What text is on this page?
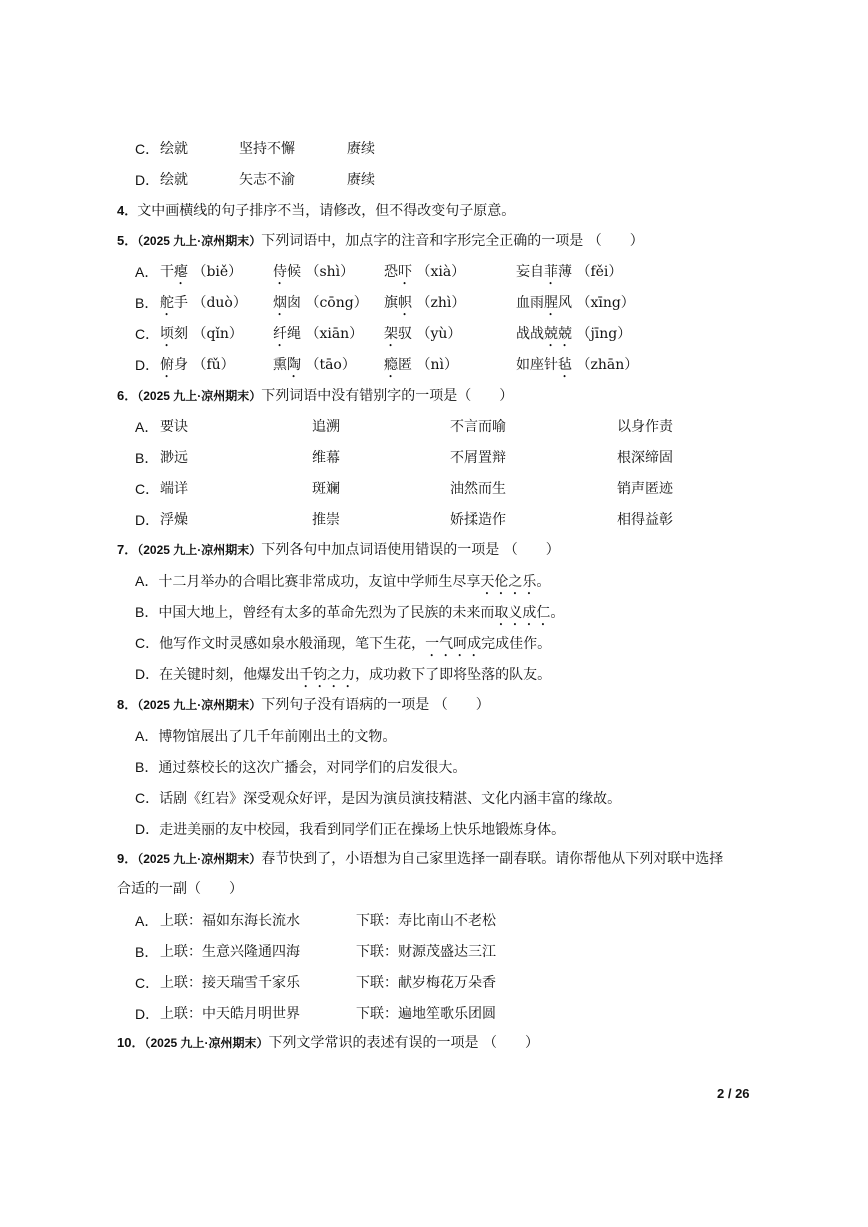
C． 绘就	坚持不懈	赓续
D． 绘就	矢志不渝	赓续
4．文中画横线的句子排序不当，请修改，但不得改变句子原意。
5．（2025 九上·凉州期末）下列词语中，加点字的注音和字形完全正确的一项是 （　　）
6．（2025 九上·凉州期末）下列词语中没有错别字的一项是（　　）
7．（2025 九上·凉州期末）下列各句中加点词语使用错误的一项是 （　　）
8．（2025 九上·凉州期末）下列句子没有语病的一项是 （　　）
9．（2025 九上·凉州期末）春节快到了，小语想为自己家里选择一副春联。请你帮他从下列对联中选择
合适的一副（　　）
10．（2025 九上·凉州期末）下列文学常识的表述有误的一项是 （　　）
2 / 26
A． 干瘪 （biě） 侍候 （shì） 恐吓 （xià）	妄自菲薄 （fěi）
B． 舵手 （duò） 烟囱 （cōng） 旗帜 （zhì）	血雨腥风 （xīng）
C． 顷刻 （qǐn） 纤绳 （xiān） 架驭 （yù）	战战兢兢 （jīng）
D． 俯身 （fǔ）	熏陶 （tāo） 瘾匿 （nì）	如座针毡 （zhān）
A． 要诀	追溯	不言而喻	以身作责
B． 渺远	维幕	不屑置辩	根深缔固
C． 端详	斑斓	油然而生	销声匿迹
D． 浮燥	推崇	娇揉造作	相得益彰
A．十二月举办的合唱比赛非常成功，友谊中学师生尽享天伦之乐。
B．中国大地上，曾经有太多的革命先烈为了民族的未来而取义成仁。
C．他写作文时灵感如泉水般涌现，笔下生花，一气呵成完成佳作。
D．在关键时刻，他爆发出千钧之力，成功救下了即将坠落的队友。
A．博物馆展出了几千年前刚出土的文物。
B．通过蔡校长的这次广播会，对同学们的启发很大。
C．话剧《红岩》深受观众好评，是因为演员演技精湛、文化内涵丰富的缘故。
D．走进美丽的友中校园，我看到同学们正在操场上快乐地锻炼身体。
A． 上联：福如东海长流水	下联：寿比南山不老松
B． 上联：生意兴隆通四海	下联：财源茂盛达三江
C． 上联：接天瑞雪千家乐	下联：献岁梅花万朵香
D． 上联：中天皓月明世界	下联：遍地笙歌乐团圆
